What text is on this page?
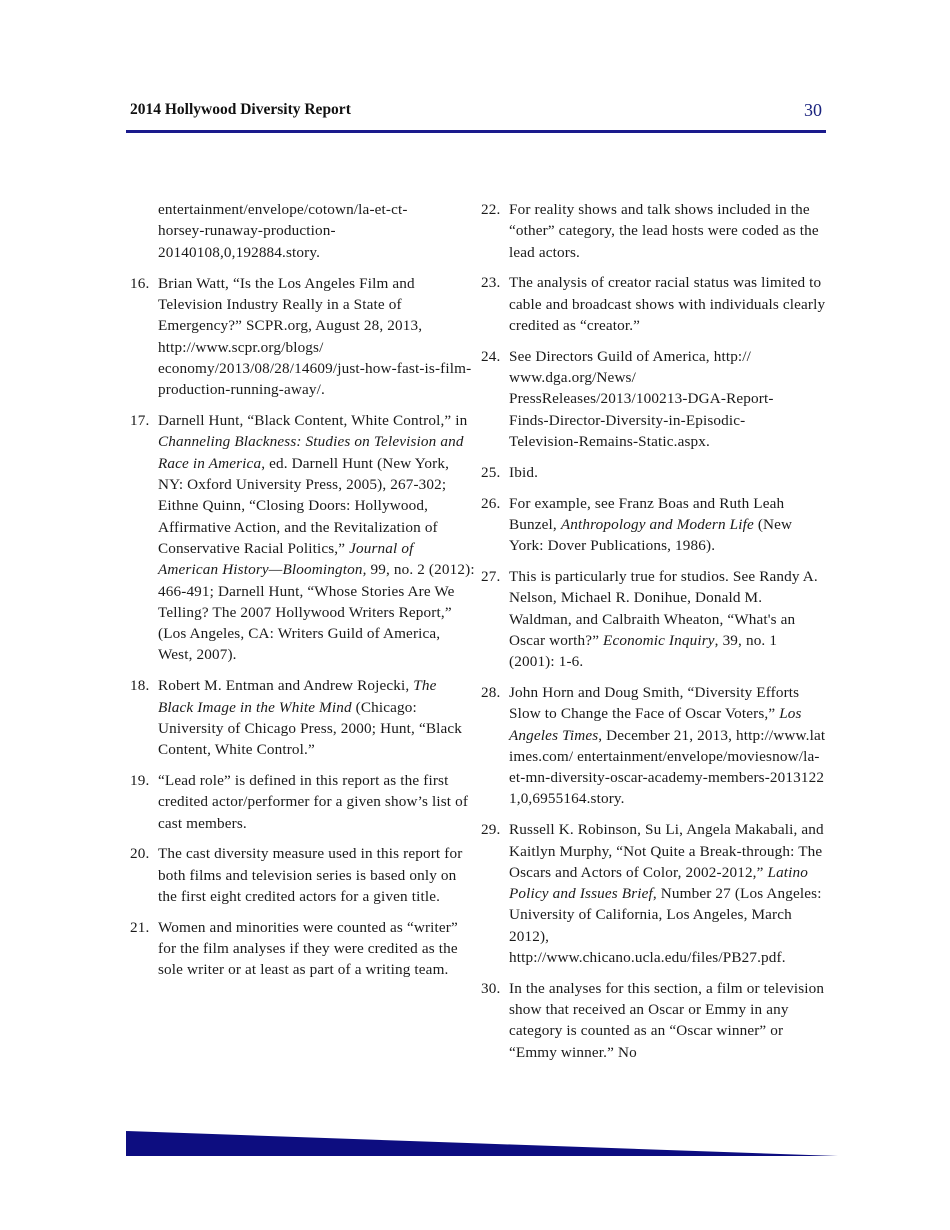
2014 Hollywood Diversity Report	30
entertainment/envelope/cotown/la-et-ct-
horsey-runaway-production-
20140108,0,192884.story.
16. Brian Watt, “Is the Los Angeles Film and Television Industry Really in a State of Emergency?” SCPR.org, August 28, 2013, http://www.scpr.org/blogs/ economy/2013/08/28/14609/just-how-fast-is-film-production-running-away/.
17. Darnell Hunt, “Black Content, White Control,” in Channeling Blackness: Studies on Television and Race in America, ed. Darnell Hunt (New York, NY: Oxford University Press, 2005), 267-302; Eithne Quinn, “Closing Doors: Hollywood, Affirmative Action, and the Revitalization of Conservative Racial Politics,” Journal of American History—Bloomington, 99, no. 2 (2012): 466-491; Darnell Hunt, “Whose Stories Are We Telling? The 2007 Hollywood Writers Report,” (Los Angeles, CA: Writers Guild of America, West, 2007).
18. Robert M. Entman and Andrew Rojecki, The Black Image in the White Mind (Chicago: University of Chicago Press, 2000; Hunt, “Black Content, White Control.”
19. “Lead role” is defined in this report as the first credited actor/performer for a given show’s list of cast members.
20. The cast diversity measure used in this report for both films and television series is based only on the first eight credited actors for a given title.
21. Women and minorities were counted as “writer” for the film analyses if they were credited as the sole writer or at least as part of a writing team.
22. For reality shows and talk shows included in the “other” category, the lead hosts were coded as the lead actors.
23. The analysis of creator racial status was limited to cable and broadcast shows with individuals clearly credited as “creator.”
24. See Directors Guild of America, http://
www.dga.org/News/
PressReleases/2013/100213-DGA-Report-
Finds-Director-Diversity-in-Episodic-
Television-Remains-Static.aspx.
25. Ibid.
26. For example, see Franz Boas and Ruth Leah Bunzel, Anthropology and Modern Life (New York: Dover Publications, 1986).
27. This is particularly true for studios. See Randy A. Nelson, Michael R. Donihue, Donald M. Waldman, and Calbraith Wheaton, “What's an Oscar worth?” Economic Inquiry, 39, no. 1 (2001): 1-6.
28. John Horn and Doug Smith, “Diversity Efforts Slow to Change the Face of Oscar Voters,” Los Angeles Times, December 21, 2013, http://www.latimes.com/ entertainment/envelope/moviesnow/la-et-mn-diversity-oscar-academy-members-20131221,0,6955164.story.
29. Russell K. Robinson, Su Li, Angela Makabali, and Kaitlyn Murphy, “Not Quite a Break-through: The Oscars and Actors of Color, 2002-2012,” Latino Policy and Issues Brief, Number 27 (Los Angeles: University of California, Los Angeles, March 2012), http://www.chicano.ucla.edu/files/PB27.pdf.
30. In the analyses for this section, a film or television show that received an Oscar or Emmy in any category is counted as an “Oscar winner” or “Emmy winner.” No
